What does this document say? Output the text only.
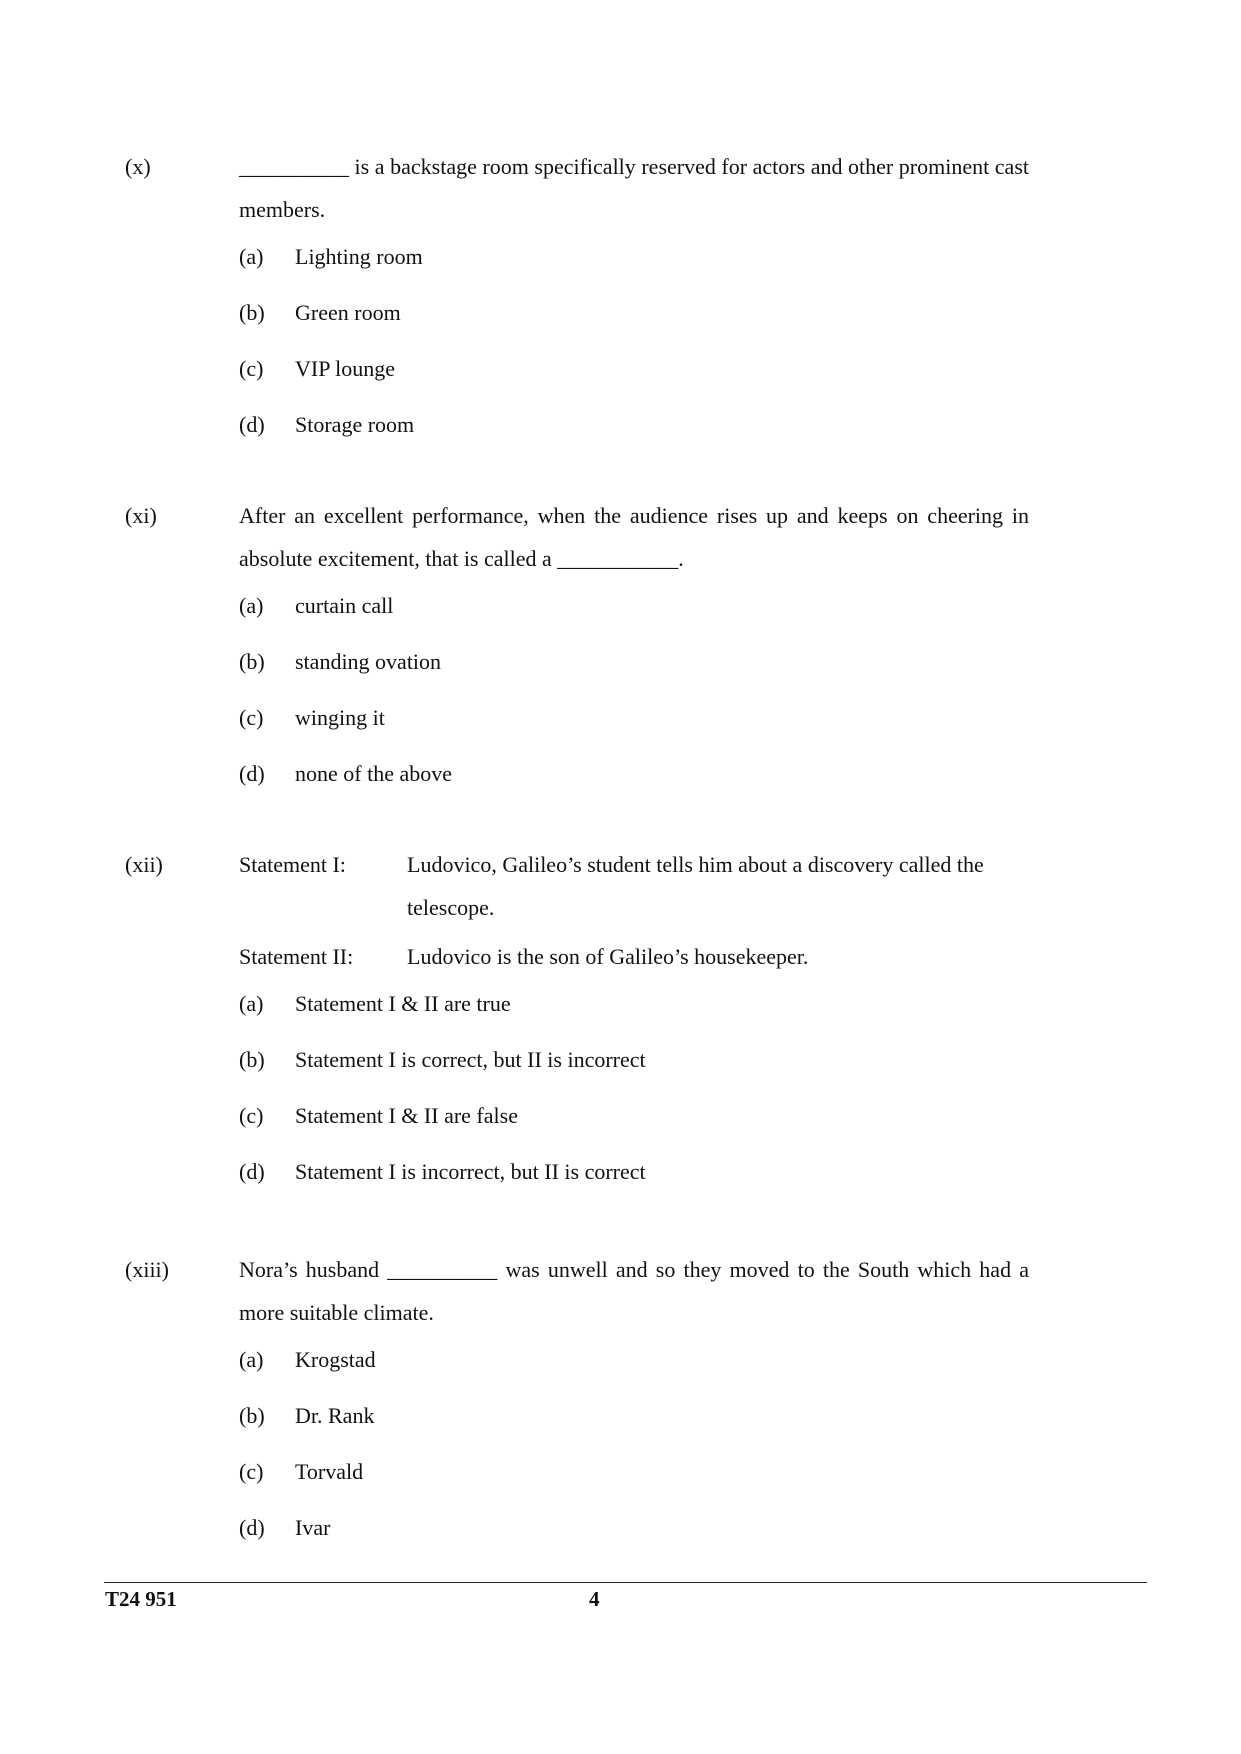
(x)	__________ is a backstage room specifically reserved for actors and other prominent cast members.

(a)	Lighting room
(b)	Green room
(c)	VIP lounge
(d)	Storage room
(xi)	After an excellent performance, when the audience rises up and keeps on cheering in absolute excitement, that is called a ___________.

(a)	curtain call
(b)	standing ovation
(c)	winging it
(d)	none of the above
(xii)	Statement I:	Ludovico, Galileo’s student tells him about a discovery called the telescope.
Statement II:	Ludovico is the son of Galileo’s housekeeper.
(a)	Statement I & II are true
(b)	Statement I is correct, but II is incorrect
(c)	Statement I & II are false
(d)	Statement I is incorrect, but II is correct
(xiii)	Nora’s husband __________ was unwell and so they moved to the South which had a more suitable climate.

(a)	Krogstad
(b)	Dr. Rank
(c)	Torvald
(d)	Ivar
T24 951	4
